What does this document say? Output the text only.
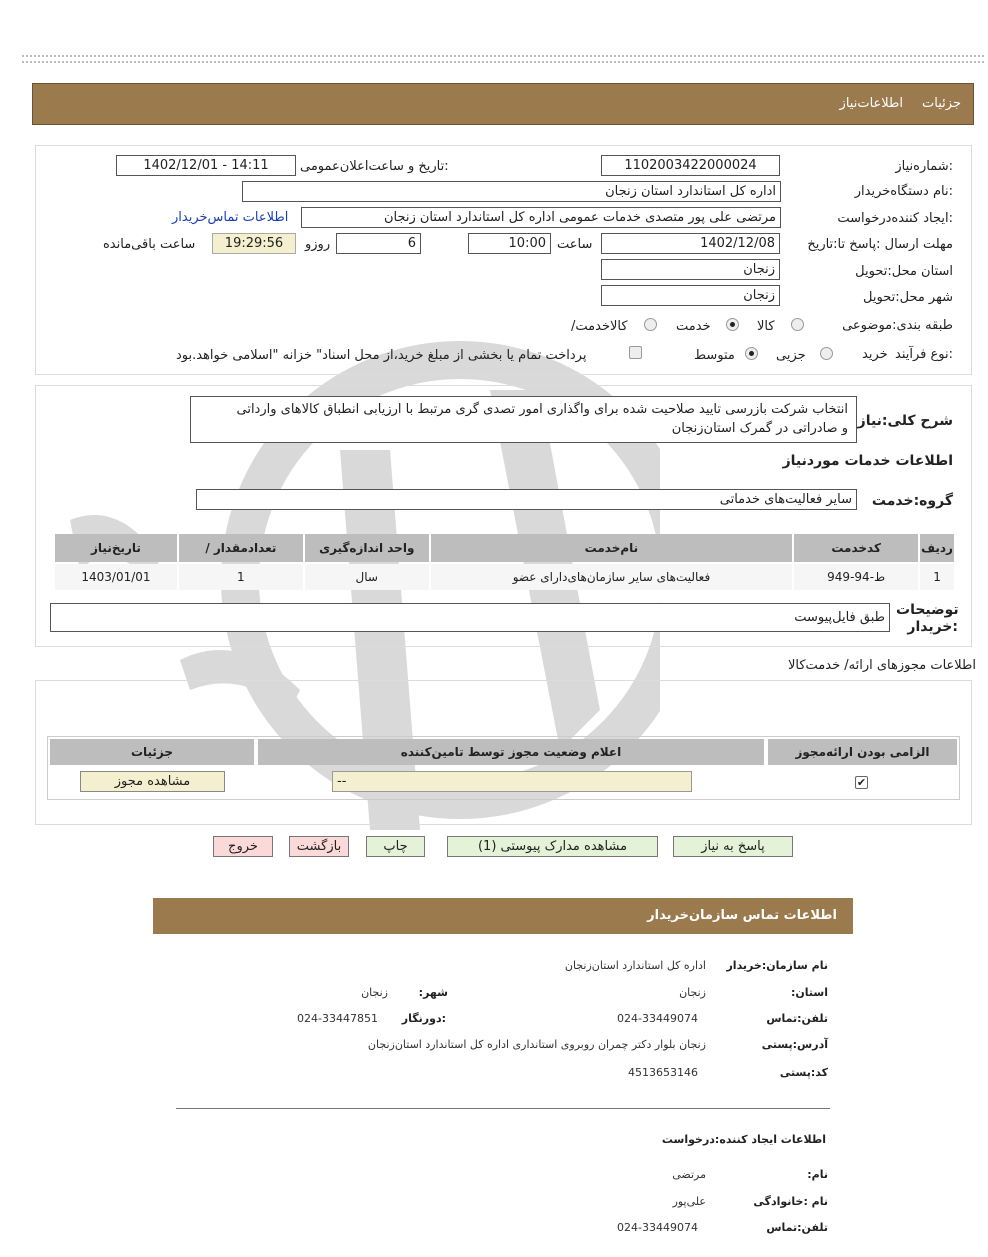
جزئیات
اطلاعات‌نیاز
شماره‌نیاز:
1102003422000024
تاریخ و ساعت‌اعلان‌عمومی:
1402/12/01 - 14:11
نام دستگاه‌خریدار:
اداره کل استاندارد استان زنجان
ایجاد کننده‌درخواست:
مرتضی علی پور متصدی خدمات عمومی اداره کل استاندارد استان زنجان
اطلاعات تماس‌خریدار
مهلت ارسال :پاسخ تا:تاریخ
1402/12/08
ساعت
10:00
6
روزو
19:29:56
ساعت باقی‌مانده
استان محل:تحویل
زنجان
شهر محل:تحویل
زنجان
طبقه بندی:موضوعی
کالا
خدمت
/کالاخدمت
نوع فرآیند:
خرید
جزیی
متوسط
پرداخت تمام یا بخشی از مبلغ خرید،از محل اسناد" خزانه "اسلامی خواهد.بود
شرح کلی:نیاز
انتخاب شرکت بازرسی تایید صلاحیت شده برای واگذاری امور تصدی گری مرتبط با ارزیابی انطباق کالاهای وارداتی
و صادراتی در گمرک استان‌زنجان
اطلاعات خدمات موردنیاز
گروه:خدمت
سایر فعالیت‌های خدماتی
تاریخ‌نیاز	/ تعدادمقدار	واحد اندازه‌گیری	نام‌خدمت	کدخدمت	ردیف
1403/01/01	1	سال	فعالیت‌های سایر سازمان‌های‌دارای عضو	ط-94-949	1
توضیحات :خریدار
طبق فایل‌پیوست
اطلاعات مجوزهای ارائه/ خدمت‌کالا
جزئیات	اعلام وضعیت مجوز توسط تامین‌کننده	الزامی بودن ارائه‌مجوز
مشاهده مجوز	--	✔
پاسخ به نیاز
مشاهده مدارک پیوستی (1)
چاپ
بازگشت
خروج
اطلاعات تماس سازمان‌خریدار
نام سازمان:خریدار
اداره کل استاندارد استان‌زنجان
:استان
زنجان
:شهر
زنجان
تلفن:تماس
024-33449074
دورنگار:
024-33447851
آدرس:پستی
زنجان بلوار دکتر چمران روبروی استانداری اداره کل استاندارد استان‌زنجان
کد:پستی
4513653146
اطلاعات ایجاد کننده:درخواست
:نام
مرتضی
نام :خانوادگی
علی‌پور
تلفن:تماس
024-33449074
